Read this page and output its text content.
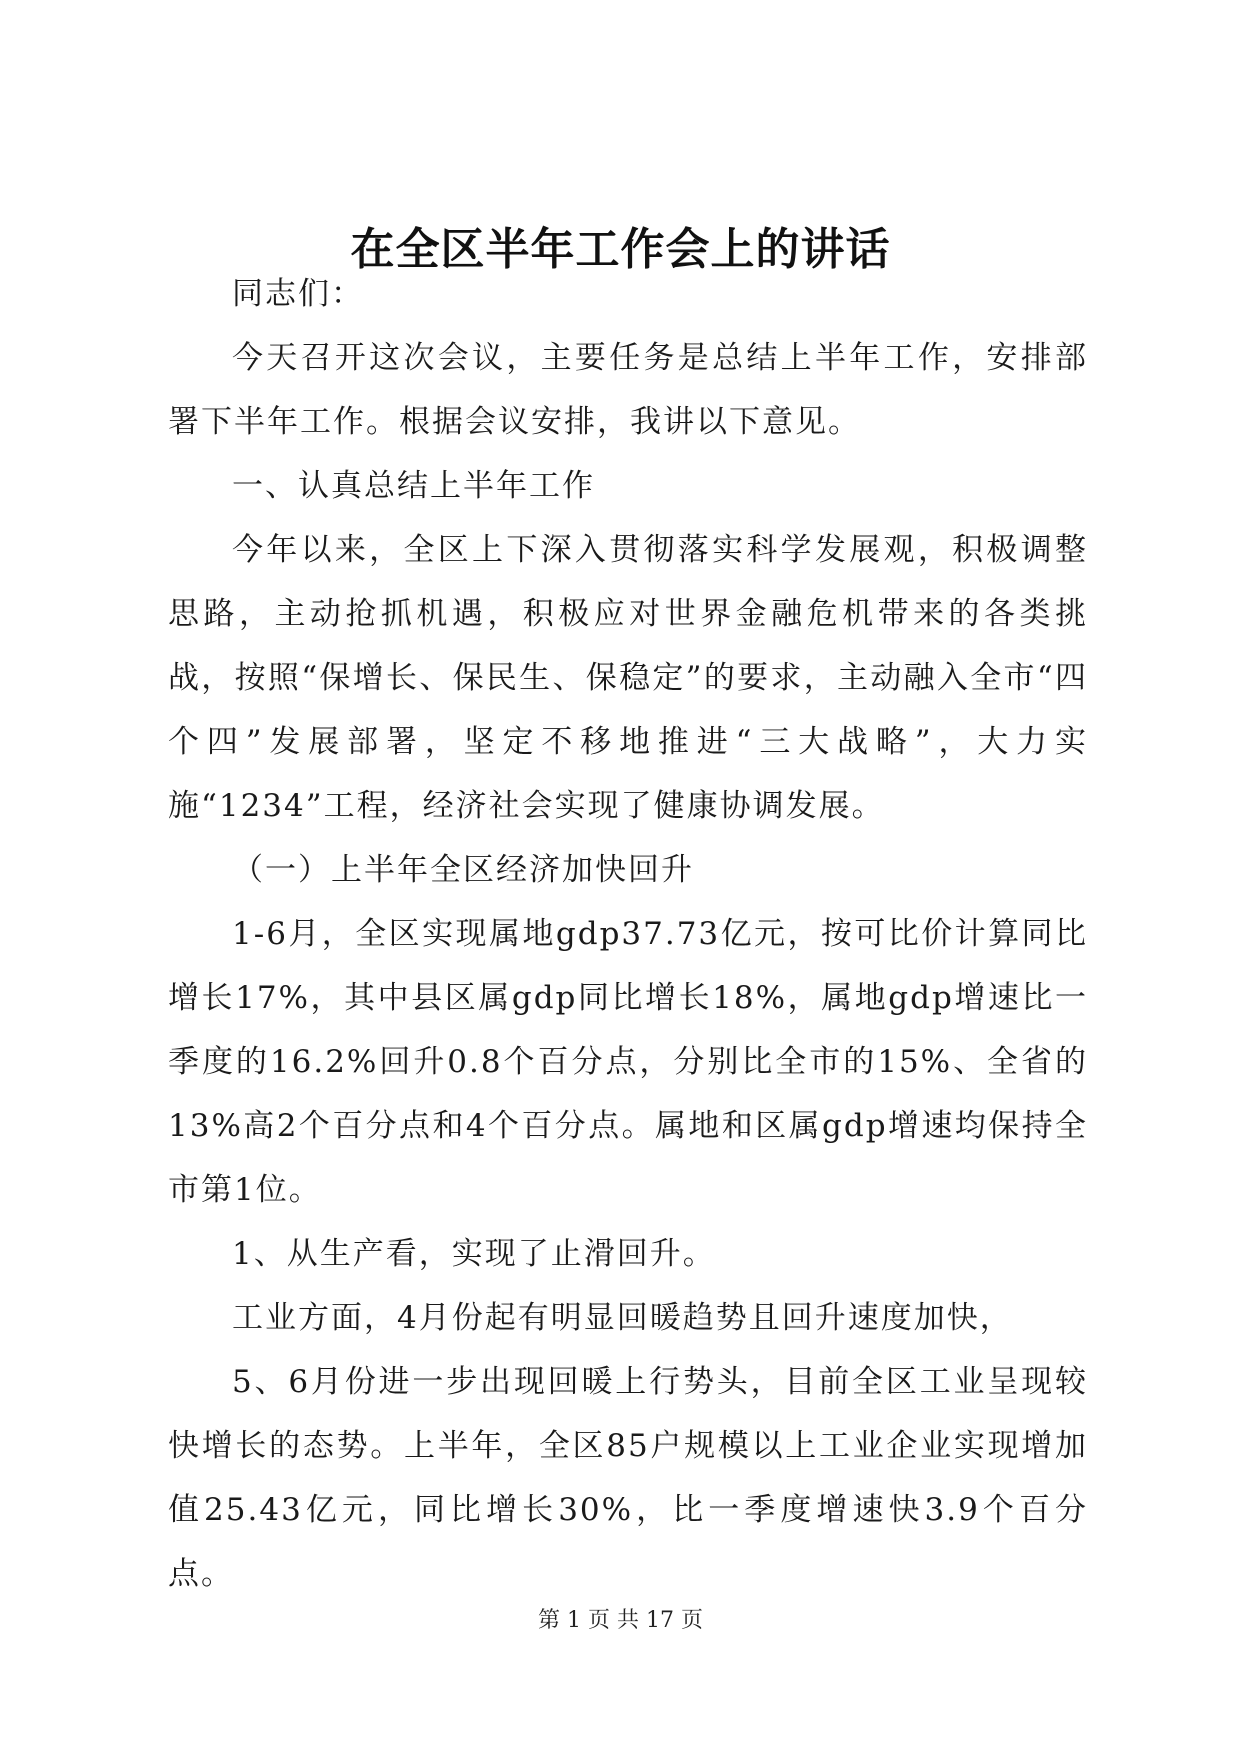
在全区半年工作会上的讲话

同志们：

今天召开这次会议，主要任务是总结上半年工作，安排部署下半年工作。根据会议安排，我讲以下意见。

一、认真总结上半年工作

今年以来，全区上下深入贯彻落实科学发展观，积极调整思路，主动抢抓机遇，积极应对世界金融危机带来的各类挑战，按照“保增长、保民生、保稳定”的要求，主动融入全市“四个四”发展部署，坚定不移地推进“三大战略”，大力实施“1234”工程，经济社会实现了健康协调发展。

（一）上半年全区经济加快回升

1-6月，全区实现属地gdp37.73亿元，按可比价计算同比增长17%，其中县区属gdp同比增长18%，属地gdp增速比一季度的16.2%回升0.8个百分点，分别比全市的15%、全省的13%高2个百分点和4个百分点。属地和区属gdp增速均保持全市第1位。

1、从生产看，实现了止滑回升。

工业方面，4月份起有明显回暖趋势且回升速度加快，

5、6月份进一步出现回暖上行势头，目前全区工业呈现较快增长的态势。上半年，全区85户规模以上工业企业实现增加值25.43亿元，同比增长30%，比一季度增速快3.9个百分点。

第 1 页 共 17 页
